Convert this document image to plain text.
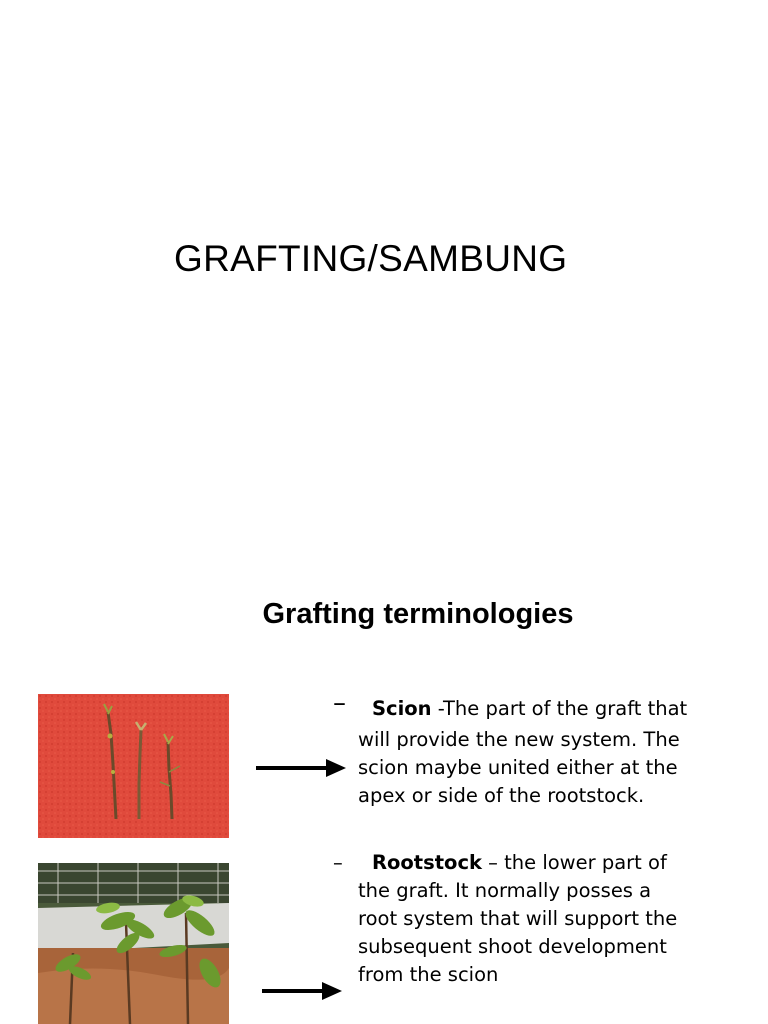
GRAFTING/SAMBUNG
Grafting terminologies
–	Scion -The part of the graft that
will provide the new system. The
scion maybe united either at the
apex or side of the rootstock.
–	Rootstock – the lower part of
the graft. It normally posses a
root system that will support the
subsequent shoot development
from the scion
